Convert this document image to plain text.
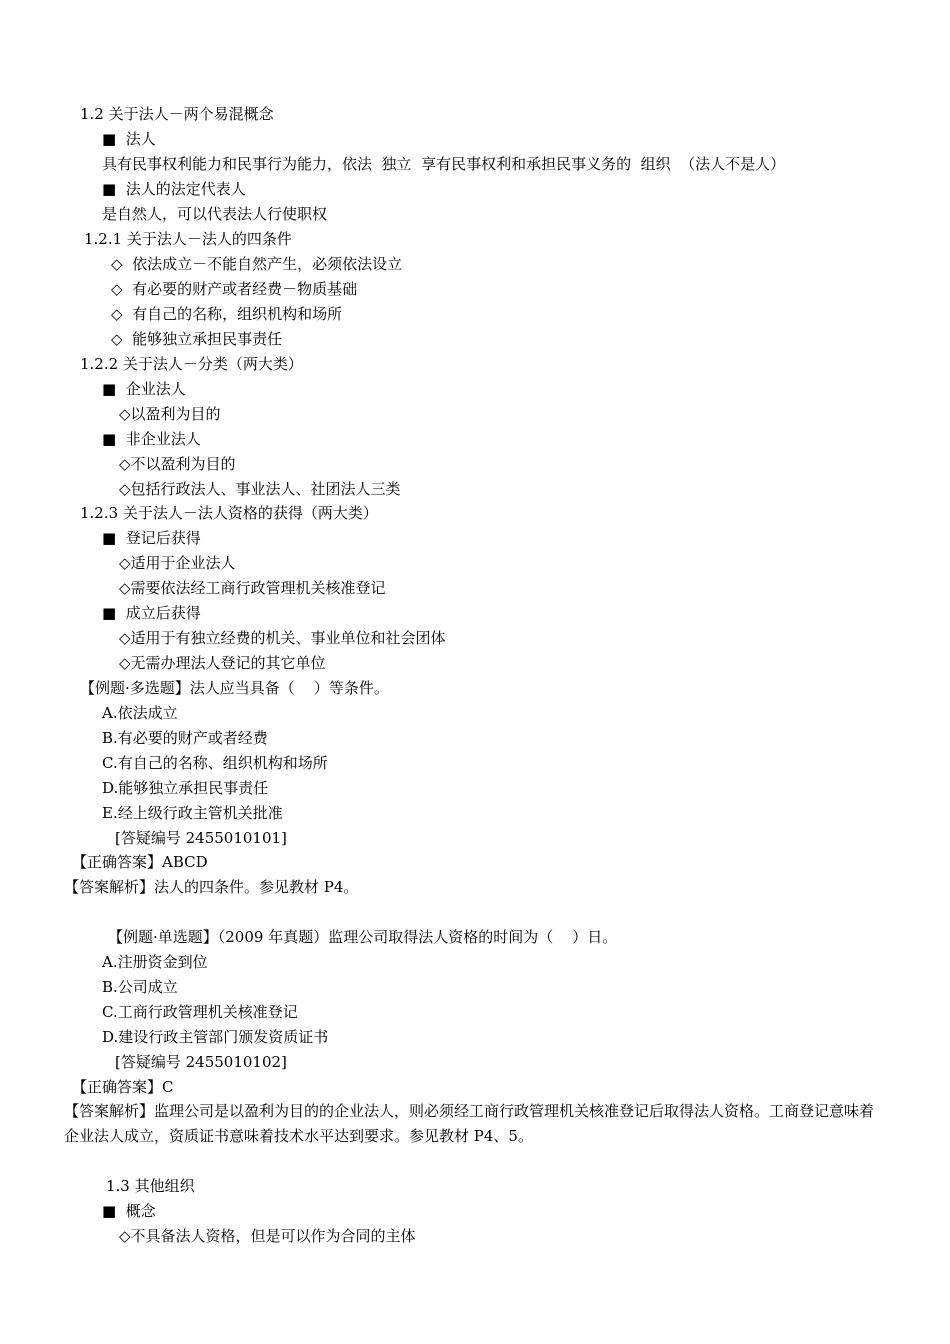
1.2 关于法人－两个易混概念
■  法人
具有民事权利能力和民事行为能力，依法  独立  享有民事权利和承担民事义务的  组织  （法人不是人）
■  法人的法定代表人
是自然人，可以代表法人行使职权
1.2.1 关于法人－法人的四条件
◇  依法成立－不能自然产生，必须依法设立
◇  有必要的财产或者经费－物质基础
◇  有自己的名称，组织机构和场所
◇  能够独立承担民事责任
1.2.2 关于法人－分类（两大类）
■  企业法人
◇以盈利为目的
■  非企业法人
◇不以盈利为目的
◇包括行政法人、事业法人、社团法人三类
1.2.3 关于法人－法人资格的获得（两大类）
■  登记后获得
◇适用于企业法人
◇需要依法经工商行政管理机关核准登记
■  成立后获得
◇适用于有独立经费的机关、事业单位和社会团体
◇无需办理法人登记的其它单位
【例题·多选题】法人应当具备（    ）等条件。
A.依法成立
B.有必要的财产或者经费
C.有自己的名称、组织机构和场所
D.能够独立承担民事责任
E.经上级行政主管机关批准
[答疑编号 2455010101]
【正确答案】ABCD
【答案解析】法人的四条件。参见教材 P4。
【例题·单选题】（2009 年真题）监理公司取得法人资格的时间为（    ）日。
A.注册资金到位
B.公司成立
C.工商行政管理机关核准登记
D.建设行政主管部门颁发资质证书
[答疑编号 2455010102]
【正确答案】C
【答案解析】监理公司是以盈利为目的的企业法人，则必须经工商行政管理机关核准登记后取得法人资格。工商登记意味着企业法人成立，资质证书意味着技术水平达到要求。参见教材 P4、5。
1.3 其他组织
■  概念
◇不具备法人资格，但是可以作为合同的主体
